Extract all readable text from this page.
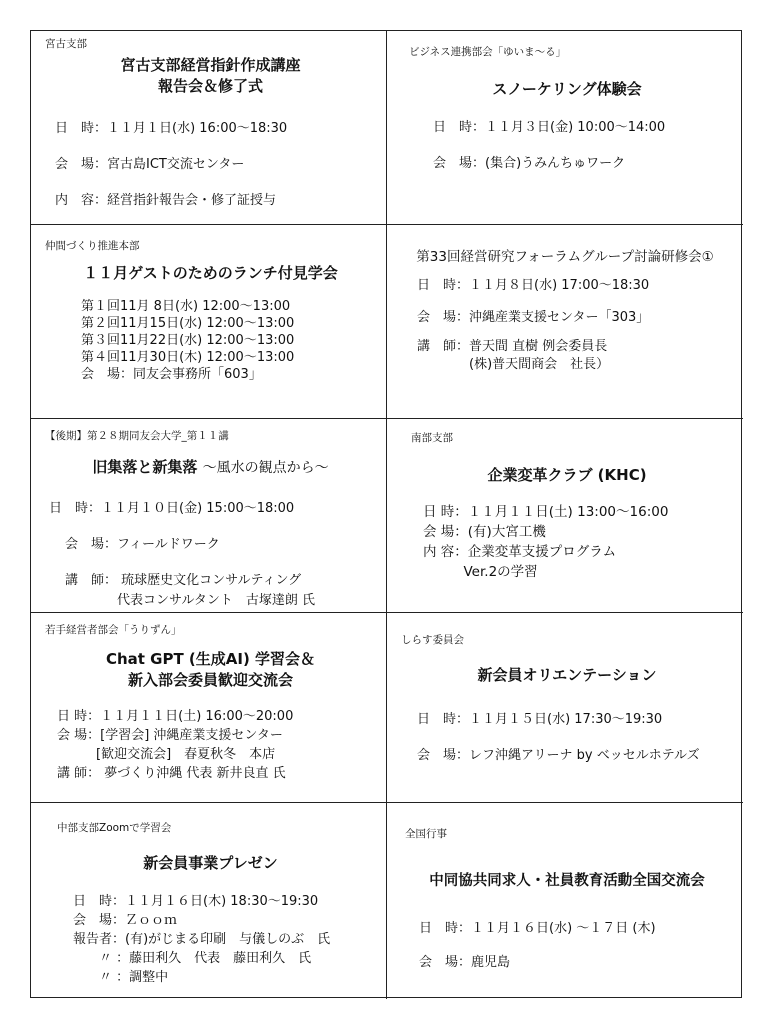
宮古支部
宮古支部経営指針作成講座
報告会＆修了式
日　時：１１月１日(水) 16:00～18:30
会　場：宮古島ICT交流センター
内　容：経営指針報告会・修了証授与
ビジネス連携部会「ゆいま～る」
スノーケリング体験会
日　時：１１月３日(金) 10:00～14:00
会　場：(集合)うみんちゅワーク
仲間づくり推進本部
１１月ゲストのためのランチ付見学会
第１回11月 8日(水) 12:00～13:00
第２回11月15日(水) 12:00～13:00
第３回11月22日(水) 12:00～13:00
第４回11月30日(木) 12:00～13:00
会　場：同友会事務所「603」
第33回経営研究フォーラムグループ討論研修会①
日　時：１１月８日(水) 17:00～18:30
会　場：沖縄産業支援センター「303」
講　師：普天間 直樹 例会委員長
　　　　(株)普天間商会　社長）
【後期】第２８期同友会大学_第１１講
旧集落と新集落 ～風水の観点から～
日　時：１１月１０日(金) 15:00～18:00
会　場：フィールドワーク
講　師： 琉球歴史文化コンサルティング
　　　　代表コンサルタント　古塚達朗 氏
南部支部
企業変革クラブ (KHC)
日 時：１１月１１日(土) 13:00～16:00
会 場：(有)大宮工機
内 容：企業変革支援プログラム
　　　Ver.2の学習
若手経営者部会「うりずん」
Chat GPT (生成AI) 学習会＆
新入部会委員歓迎交流会
日 時：１１月１１日(土) 16:00～20:00
会 場：[学習会] 沖縄産業支援センター
　　　[歓迎交流会]　春夏秋冬　本店
講 師： 夢づくり沖縄 代表 新井良直 氏
しらす委員会
新会員オリエンテーション
日　時：１１月１５日(水) 17:30～19:30
会　場：レフ沖縄アリーナ by ベッセルホテルズ
中部支部Zoomで学習会
新会員事業プレゼン
日　時：１１月１６日(木) 18:30～19:30
会　場：Ｚｏｏｍ
報告者：(有)がじまる印刷　与儀しのぶ　氏
　　〃 ：藤田利久　代表　藤田利久　氏
　　〃 ：調整中
全国行事
中同協共同求人・社員教育活動全国交流会
日　時：１１月１６日(水) ～１７日 (木)
会　場：鹿児島
